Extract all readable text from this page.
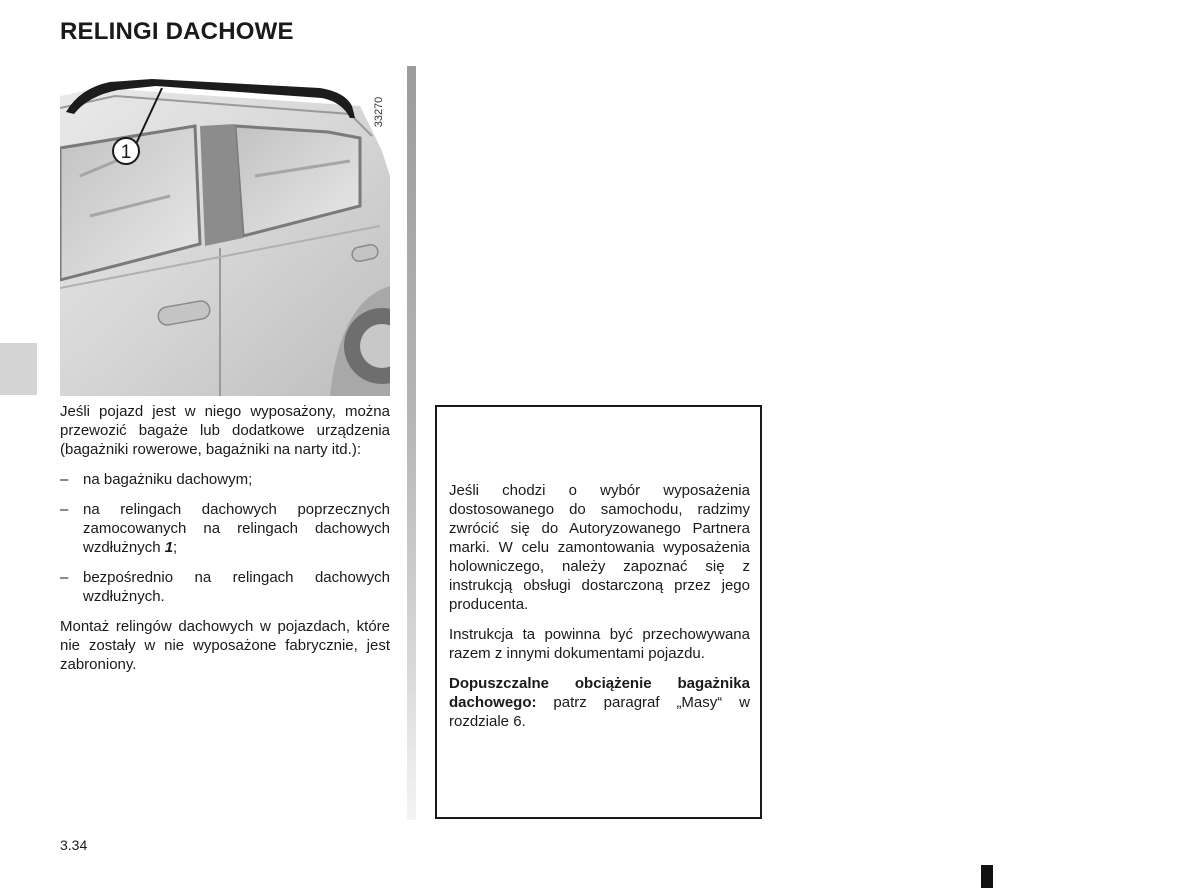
RELINGI DACHOWE
1
33270

Jeśli pojazd jest w niego wyposażony, można przewozić bagaże lub dodatkowe urządzenia (bagażniki rowerowe, bagażniki na narty itd.):

– na bagażniku dachowym;
– na relingach dachowych poprzecznych zamocowanych na relingach dachowych wzdłużnych 1;
– bezpośrednio na relingach dachowych wzdłużnych.

Montaż relingów dachowych w pojazdach, które nie zostały w nie wyposażone fabrycznie, jest zabroniony.

Jeśli chodzi o wybór wyposażenia dostosowanego do samochodu, radzimy zwrócić się do Autoryzowanego Partnera marki. W celu zamontowania wyposażenia holowniczego, należy zapoznać się z instrukcją obsługi dostarczoną przez jego producenta.

Instrukcja ta powinna być przechowywana razem z innymi dokumentami pojazdu.

Dopuszczalne obciążenie bagażnika dachowego: patrz paragraf „Masy“ w rozdziale 6.

3.34
